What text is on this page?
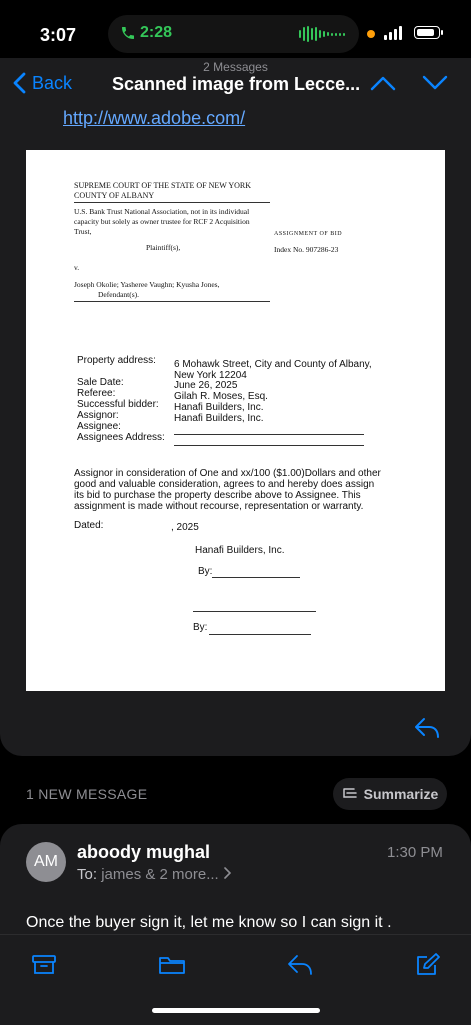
3:07	2:28
2 Messages
Back Scanned image from Lecce...
http://www.adobe.com/
SUPREME COURT OF THE STATE OF NEW YORK
COUNTY OF ALBANY
U.S. Bank Trust National Association, not in its individual
capacity but solely as owner trustee for RCF 2 Acquisition
Trust,
Plaintiff(s),
ASSIGNMENT OF BID
Index No. 907286-23
v.
Joseph Okolie; Yasheree Vaughn; Kyusha Jones,
Defendant(s).
Property address: 6 Mohawk Street, City and County of Albany,
New York 12204
Sale Date:	June 26, 2025
Referee:	Gilah R. Moses, Esq.
Successful bidder: Hanafi Builders, Inc.
Assignor:	Hanafi Builders, Inc.
Assignee:
Assignees Address:
Assignor in consideration of One and xx/100 ($1.00)Dollars and other
good and valuable consideration, agrees to and hereby does assign
its bid to purchase the property describe above to Assignee. This
assignment is made without recourse, representation or warranty.
Dated:	, 2025
Hanafi Builders, Inc.
By:
By:
1 NEW MESSAGE	Summarize
AM	aboody mughal
To: james & 2 more...
1:30 PM
Once the buyer sign it, let me know so I can sign it .
